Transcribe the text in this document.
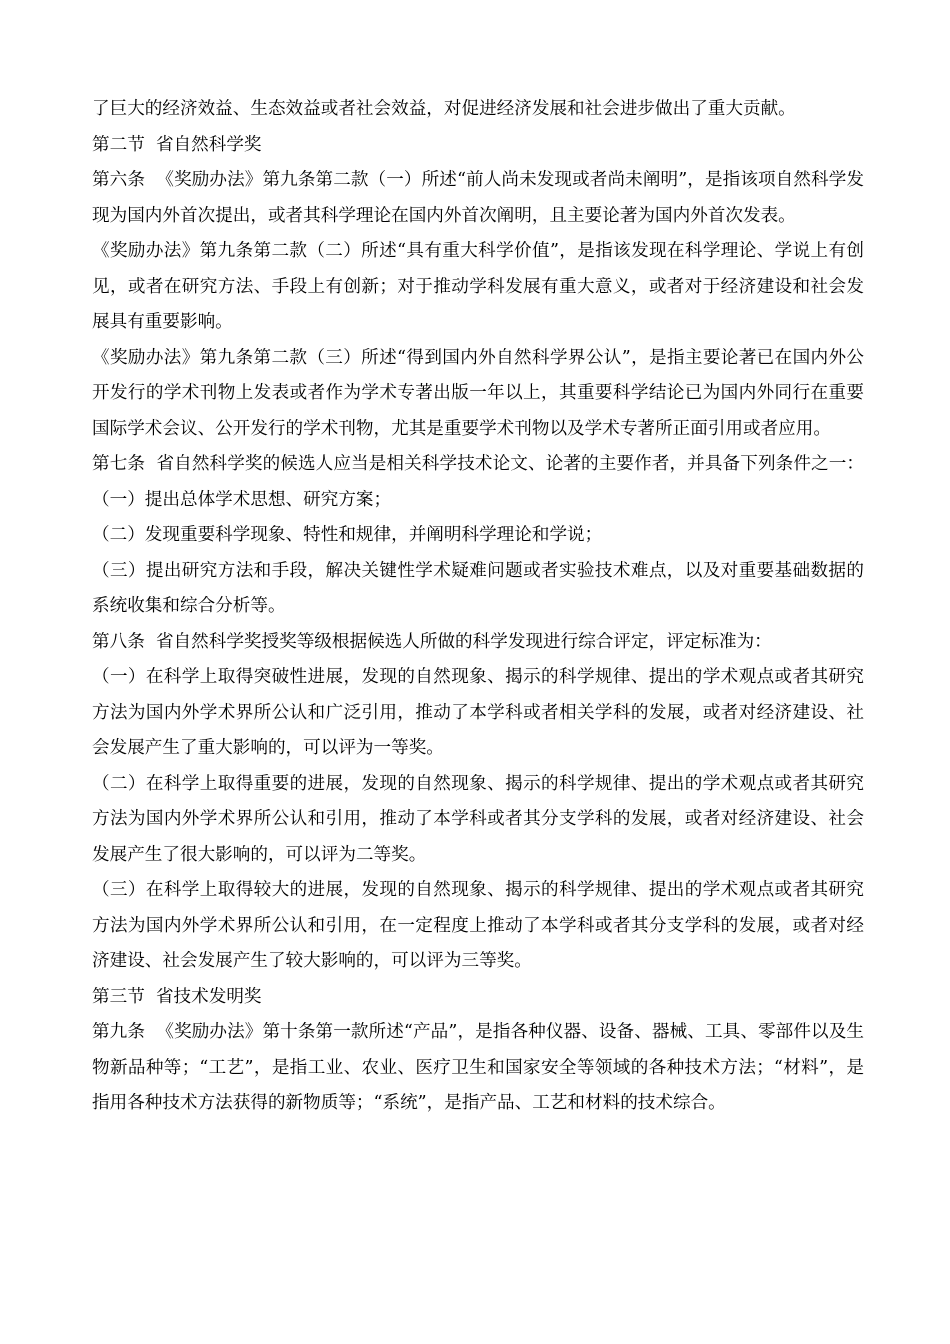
了巨大的经济效益、生态效益或者社会效益，对促进经济发展和社会进步做出了重大贡献。

第二节  省自然科学奖

第六条  《奖励办法》第九条第二款（一）所述“前人尚未发现或者尚未阐明”，是指该项自然科学发现为国内外首次提出，或者其科学理论在国内外首次阐明，且主要论著为国内外首次发表。

《奖励办法》第九条第二款（二）所述“具有重大科学价值”，是指该发现在科学理论、学说上有创见，或者在研究方法、手段上有创新；对于推动学科发展有重大意义，或者对于经济建设和社会发展具有重要影响。

《奖励办法》第九条第二款（三）所述“得到国内外自然科学界公认”，是指主要论著已在国内外公开发行的学术刊物上发表或者作为学术专著出版一年以上，其重要科学结论已为国内外同行在重要国际学术会议、公开发行的学术刊物，尤其是重要学术刊物以及学术专著所正面引用或者应用。

第七条  省自然科学奖的候选人应当是相关科学技术论文、论著的主要作者，并具备下列条件之一：（一）提出总体学术思想、研究方案；

（二）发现重要科学现象、特性和规律，并阐明科学理论和学说；

（三）提出研究方法和手段，解决关键性学术疑难问题或者实验技术难点，以及对重要基础数据的系统收集和综合分析等。

第八条  省自然科学奖授奖等级根据候选人所做的科学发现进行综合评定，评定标准为：

（一）在科学上取得突破性进展，发现的自然现象、揭示的科学规律、提出的学术观点或者其研究方法为国内外学术界所公认和广泛引用，推动了本学科或者相关学科的发展，或者对经济建设、社会发展产生了重大影响的，可以评为一等奖。

（二）在科学上取得重要的进展，发现的自然现象、揭示的科学规律、提出的学术观点或者其研究方法为国内外学术界所公认和引用，推动了本学科或者其分支学科的发展，或者对经济建设、社会发展产生了很大影响的，可以评为二等奖。

（三）在科学上取得较大的进展，发现的自然现象、揭示的科学规律、提出的学术观点或者其研究方法为国内外学术界所公认和引用，在一定程度上推动了本学科或者其分支学科的发展，或者对经济建设、社会发展产生了较大影响的，可以评为三等奖。

第三节  省技术发明奖

第九条  《奖励办法》第十条第一款所述“产品”，是指各种仪器、设备、器械、工具、零部件以及生物新品种等；“工艺”，是指工业、农业、医疗卫生和国家安全等领域的各种技术方法；“材料”，是指用各种技术方法获得的新物质等；“系统”，是指产品、工艺和材料的技术综合。
